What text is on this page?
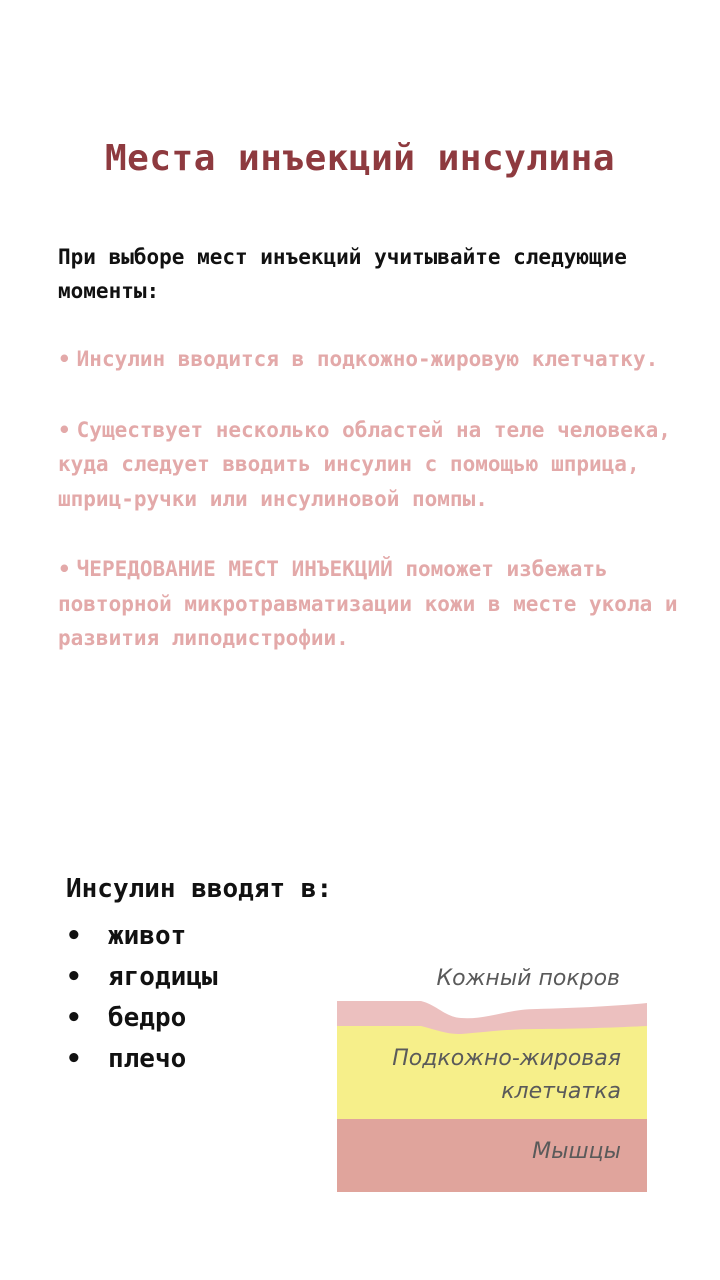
Места инъекций инсулина

При выборе мест инъекций учитывайте следующие моменты:

• Инсулин вводится в подкожно-жировую клетчатку.
• Существует несколько областей на теле человека, куда следует вводить инсулин с помощью шприца, шприц-ручки или инсулиновой помпы.
• ЧЕРЕДОВАНИЕ МЕСТ ИНЪЕКЦИЙ поможет избежать повторной микротравматизации кожи в месте укола и развития липодистрофии.

Инсулин вводят в:

• живот
• ягодицы
• бедро
• плечо
Кожный покров
Подкожно-жировая
клетчатка
Мышцы
